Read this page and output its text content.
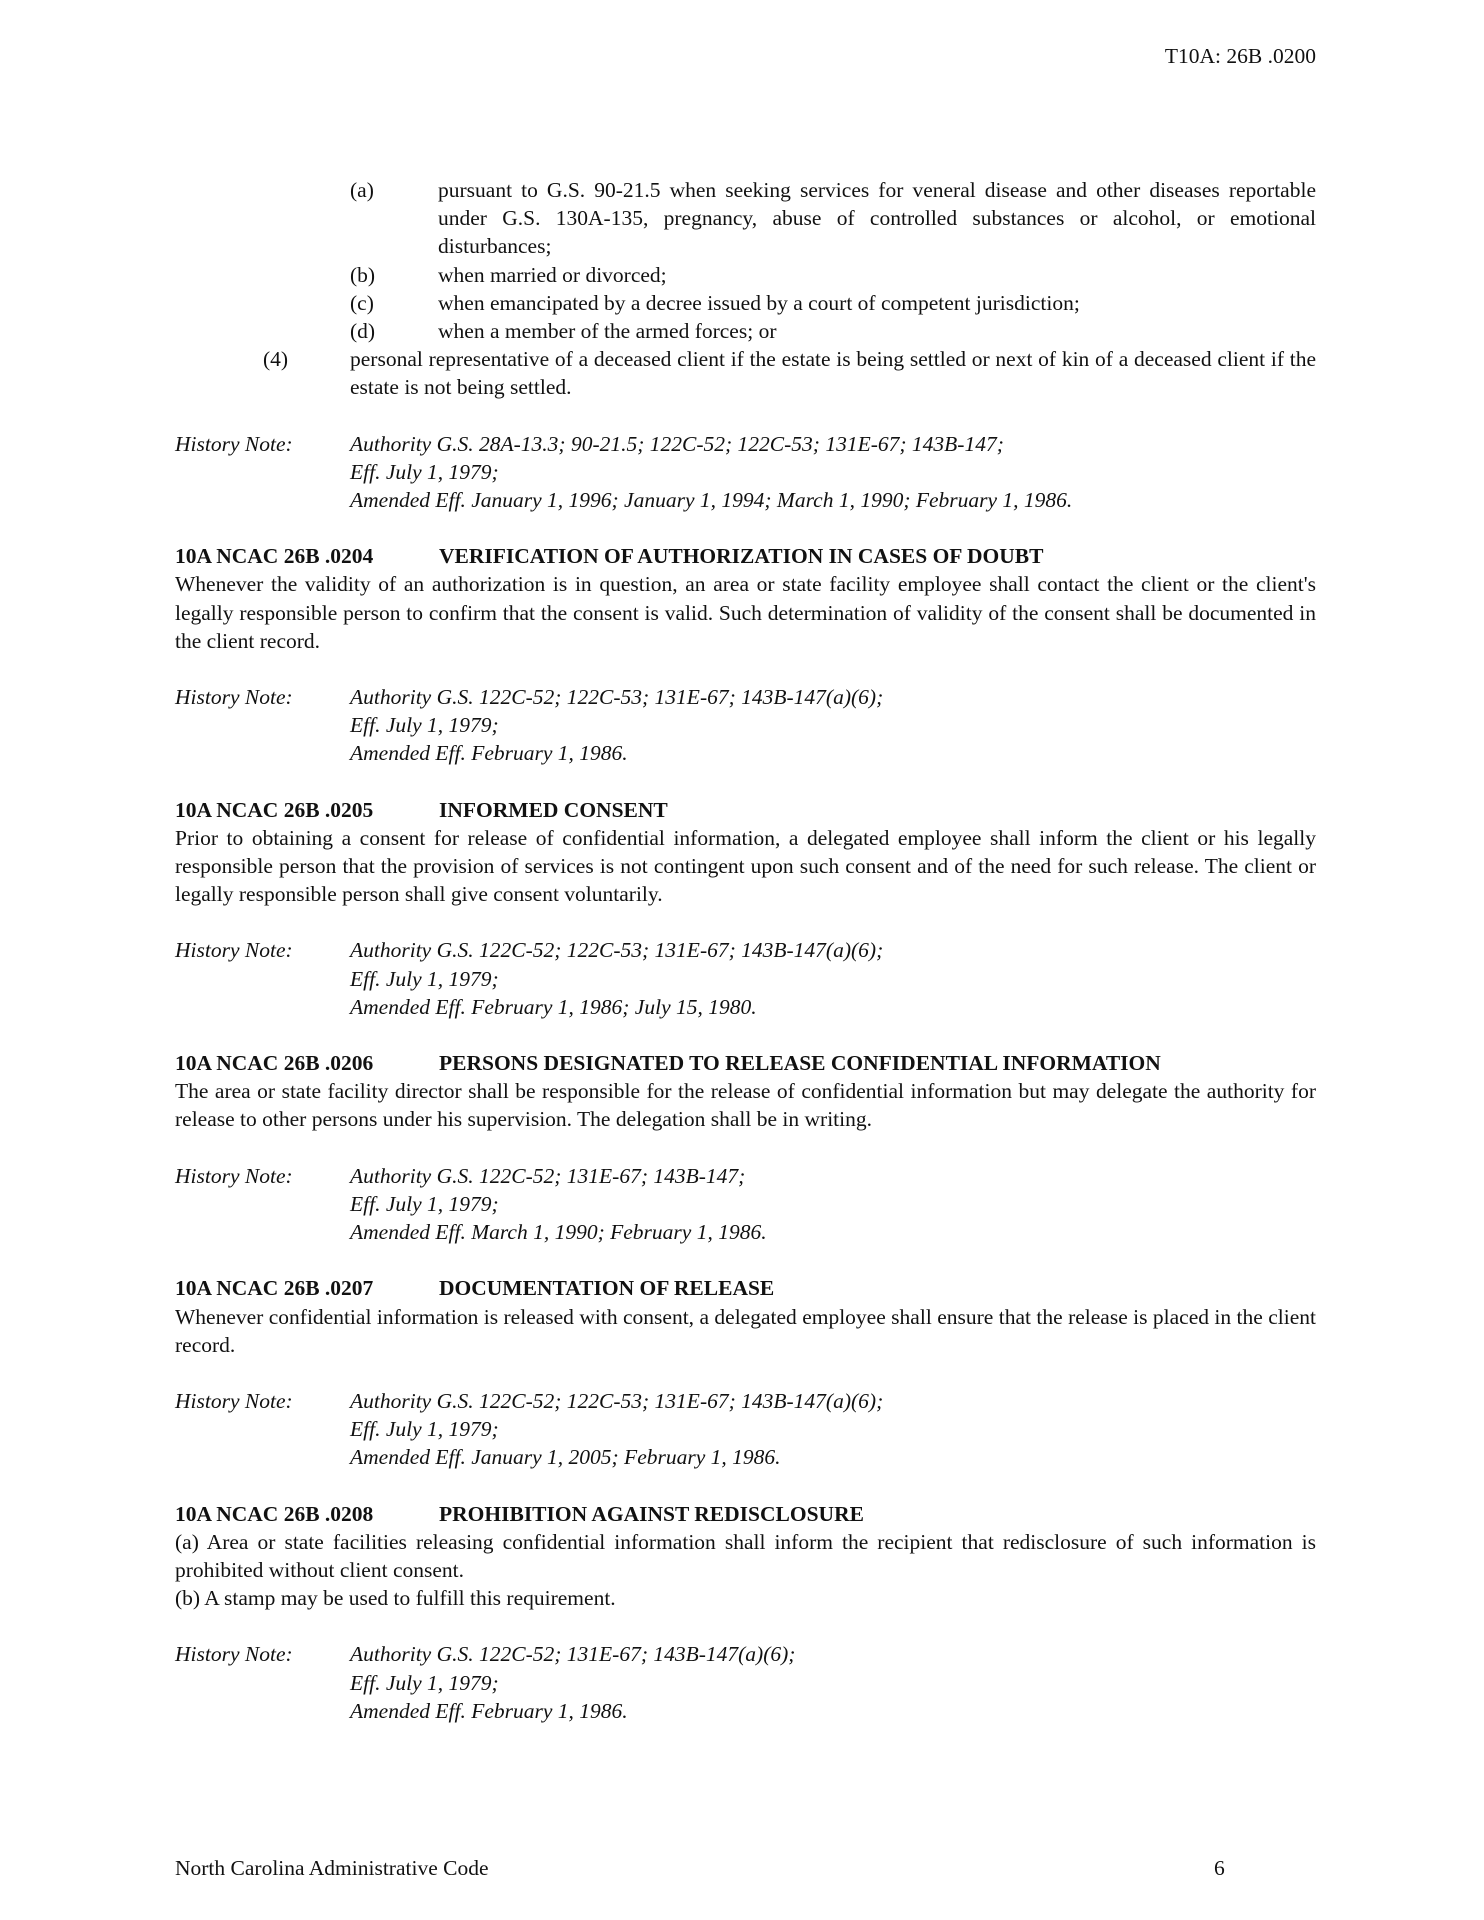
T10A: 26B .0200
(a)	pursuant to G.S. 90-21.5 when seeking services for veneral disease and other diseases reportable under G.S. 130A-135, pregnancy, abuse of controlled substances or alcohol, or emotional disturbances;
(b)	when married or divorced;
(c)	when emancipated by a decree issued by a court of competent jurisdiction;
(d)	when a member of the armed forces; or
(4)	personal representative of a deceased client if the estate is being settled or next of kin of a deceased client if the estate is not being settled.
History Note:	Authority G.S. 28A-13.3; 90-21.5; 122C-52; 122C-53; 131E-67; 143B-147;
Eff. July 1, 1979;
Amended Eff. January 1, 1996; January 1, 1994; March 1, 1990; February 1, 1986.
10A NCAC 26B .0204	VERIFICATION OF AUTHORIZATION IN CASES OF DOUBT
Whenever the validity of an authorization is in question, an area or state facility employee shall contact the client or the client's legally responsible person to confirm that the consent is valid. Such determination of validity of the consent shall be documented in the client record.
History Note:	Authority G.S. 122C-52; 122C-53; 131E-67; 143B-147(a)(6);
Eff. July 1, 1979;
Amended Eff. February 1, 1986.
10A NCAC 26B .0205	INFORMED CONSENT
Prior to obtaining a consent for release of confidential information, a delegated employee shall inform the client or his legally responsible person that the provision of services is not contingent upon such consent and of the need for such release. The client or legally responsible person shall give consent voluntarily.
History Note:	Authority G.S. 122C-52; 122C-53; 131E-67; 143B-147(a)(6);
Eff. July 1, 1979;
Amended Eff. February 1, 1986; July 15, 1980.
10A NCAC 26B .0206	PERSONS DESIGNATED TO RELEASE CONFIDENTIAL INFORMATION
The area or state facility director shall be responsible for the release of confidential information but may delegate the authority for release to other persons under his supervision. The delegation shall be in writing.
History Note:	Authority G.S. 122C-52; 131E-67; 143B-147;
Eff. July 1, 1979;
Amended Eff. March 1, 1990; February 1, 1986.
10A NCAC 26B .0207	DOCUMENTATION OF RELEASE
Whenever confidential information is released with consent, a delegated employee shall ensure that the release is placed in the client record.
History Note:	Authority G.S. 122C-52; 122C-53; 131E-67; 143B-147(a)(6);
Eff. July 1, 1979;
Amended Eff. January 1, 2005; February 1, 1986.
10A NCAC 26B .0208	PROHIBITION AGAINST REDISCLOSURE
(a) Area or state facilities releasing confidential information shall inform the recipient that redisclosure of such information is prohibited without client consent.
(b) A stamp may be used to fulfill this requirement.
History Note:	Authority G.S. 122C-52; 131E-67; 143B-147(a)(6);
Eff. July 1, 1979;
Amended Eff. February 1, 1986.
North Carolina Administrative Code	6
